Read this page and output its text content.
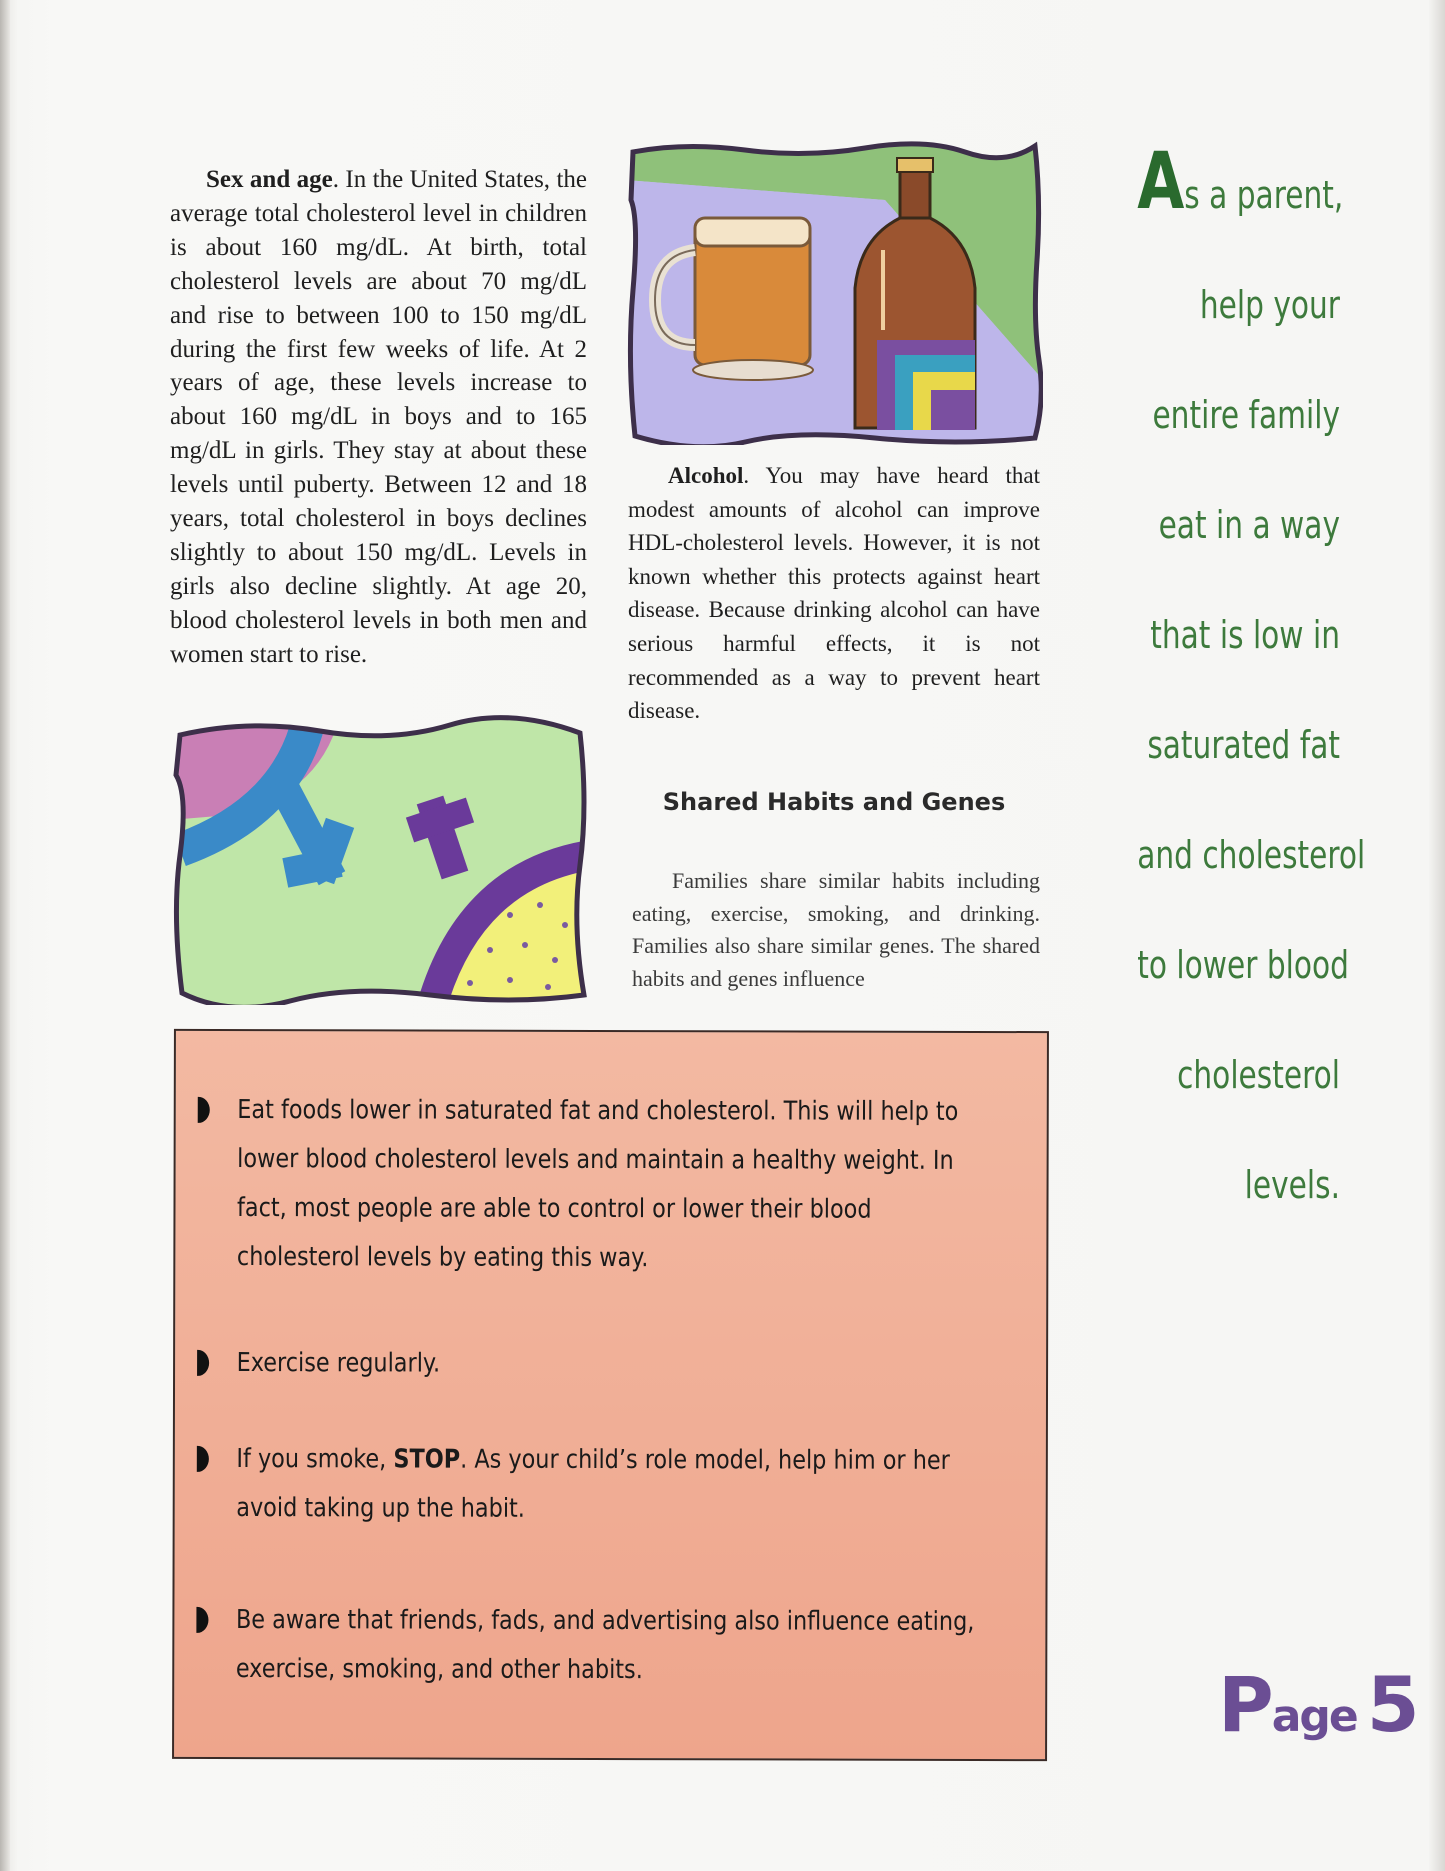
Sex and age. In the United States, the average total cholesterol level in children is about 160 mg/dL. At birth, total cholesterol levels are about 70 mg/dL and rise to between 100 to 150 mg/dL during the first few weeks of life. At 2 years of age, these levels increase to about 160 mg/dL in boys and to 165 mg/dL in girls. They stay at about these levels until puberty. Between 12 and 18 years, total cholesterol in boys declines slightly to about 150 mg/dL. Levels in girls also decline slightly. At age 20, blood cholesterol levels in both men and women start to rise.

Alcohol. You may have heard that modest amounts of alcohol can improve HDL-cholesterol levels. However, it is not known whether this protects against heart disease. Because drinking alcohol can have serious harmful effects, it is not recommended as a way to prevent heart disease.

Shared Habits and Genes

Families share similar habits including eating, exercise, smoking, and drinking. Families also share similar genes. The shared habits and genes influence

Eat foods lower in saturated fat and cholesterol. This will help to lower blood cholesterol levels and maintain a healthy weight. In fact, most people are able to control or lower their blood cholesterol levels by eating this way.
Exercise regularly.
If you smoke, STOP. As your child’s role model, help him or her avoid taking up the habit.
Be aware that friends, fads, and advertising also influence eating, exercise, smoking, and other habits.
As a parent,
help your
entire family
eat in a way
that is low in
saturated fat
and cholesterol
to lower blood
cholesterol
levels.
Page 5
